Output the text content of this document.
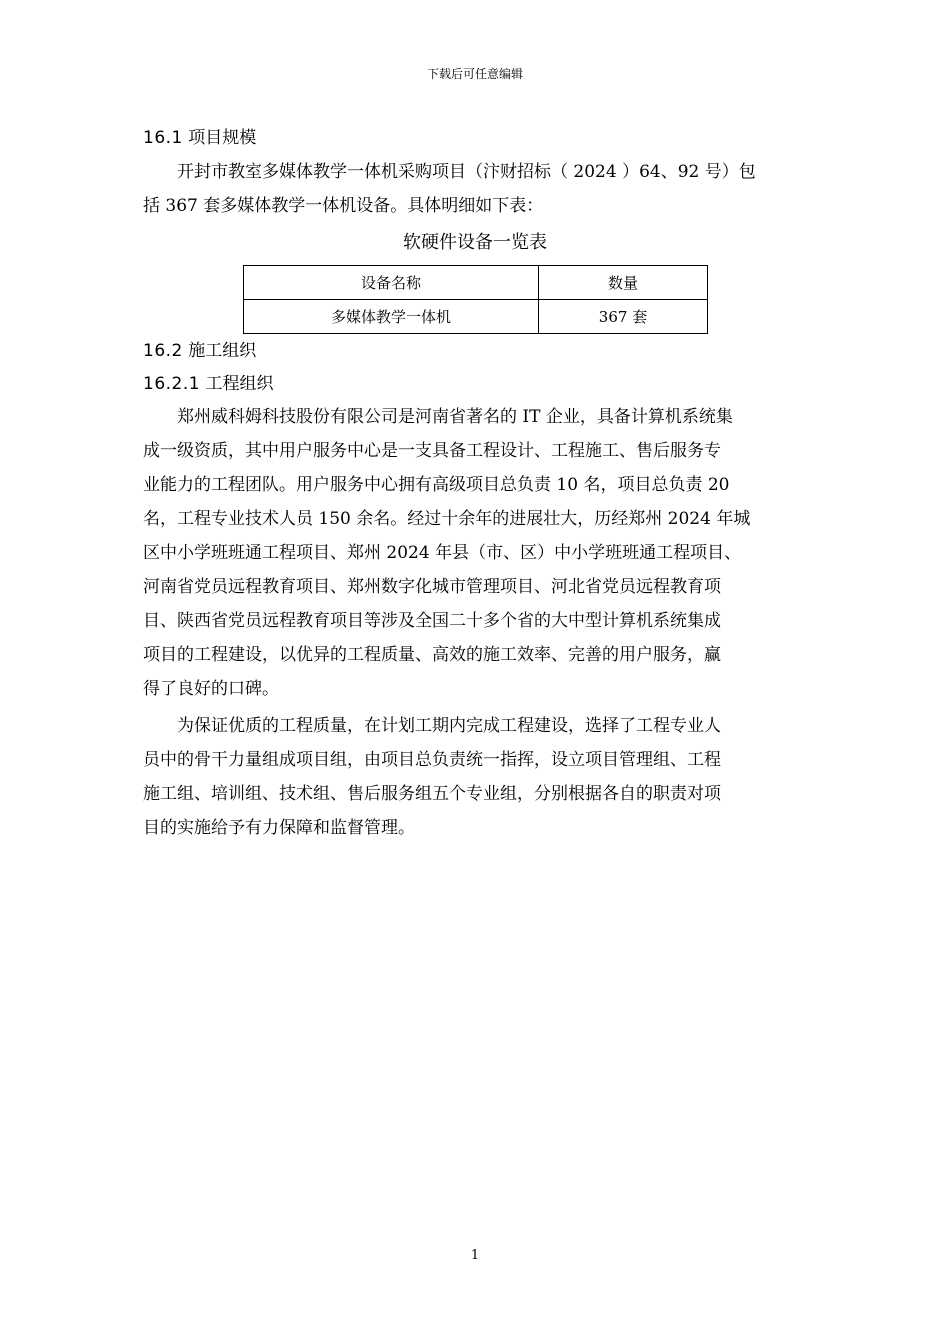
下载后可任意编辑
16.1 项目规模
开封市教室多媒体教学一体机采购项目（汴财招标（ 2024 ）64、92 号）包
括 367 套多媒体教学一体机设备。具体明细如下表：
软硬件设备一览表
设备名称	数量
多媒体教学一体机	367 套
16.2 施工组织
16.2.1 工程组织
郑州威科姆科技股份有限公司是河南省著名的 IT 企业，具备计算机系统集
成一级资质，其中用户服务中心是一支具备工程设计、工程施工、售后服务专
业能力的工程团队。用户服务中心拥有高级项目总负责 10 名，项目总负责 20
名，工程专业技术人员 150 余名。经过十余年的进展壮大，历经郑州 2024 年城
区中小学班班通工程项目、郑州 2024 年县（市、区）中小学班班通工程项目、
河南省党员远程教育项目、郑州数字化城市管理项目、河北省党员远程教育项
目、陕西省党员远程教育项目等涉及全国二十多个省的大中型计算机系统集成
项目的工程建设，以优异的工程质量、高效的施工效率、完善的用户服务，赢
得了良好的口碑。
为保证优质的工程质量，在计划工期内完成工程建设，选择了工程专业人
员中的骨干力量组成项目组，由项目总负责统一指挥，设立项目管理组、工程
施工组、培训组、技术组、售后服务组五个专业组，分别根据各自的职责对项
目的实施给予有力保障和监督管理。
1
